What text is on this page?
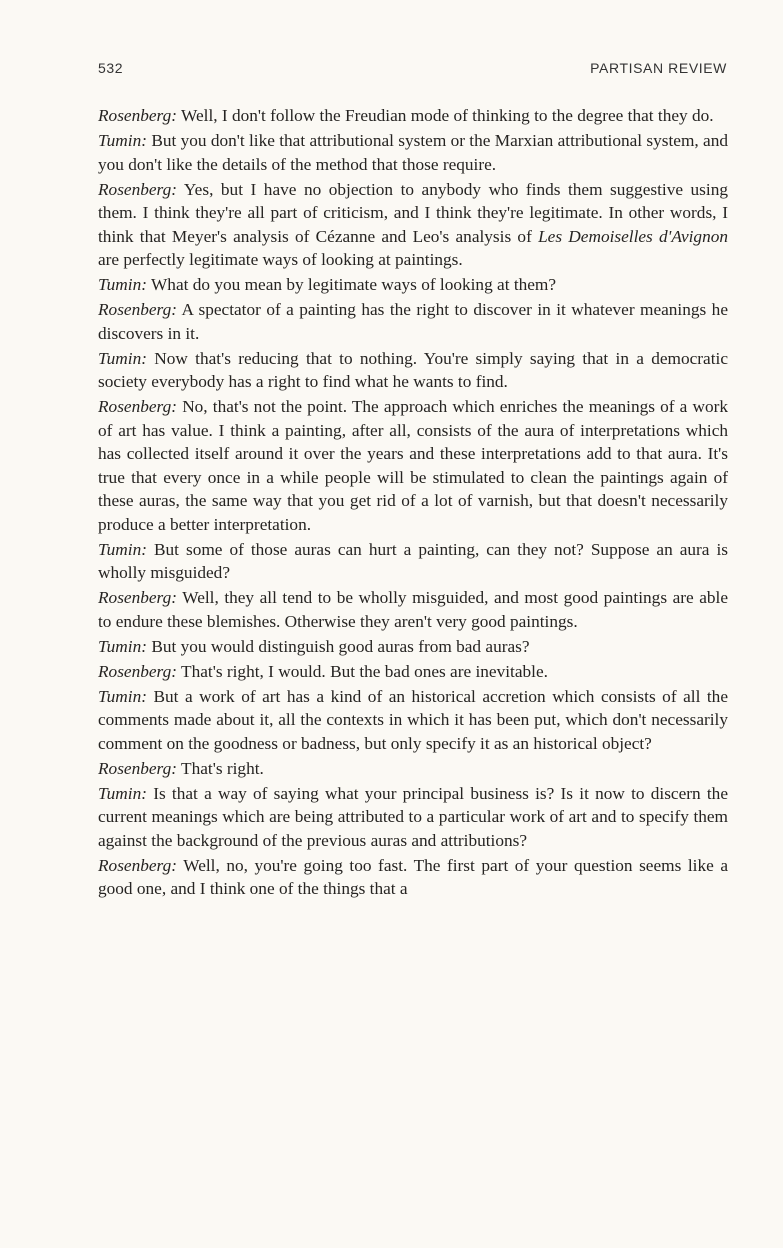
532	PARTISAN REVIEW

Rosenberg: Well, I don't follow the Freudian mode of thinking to the degree that they do.

Tumin: But you don't like that attributional system or the Marxian attributional system, and you don't like the details of the method that those require.

Rosenberg: Yes, but I have no objection to anybody who finds them suggestive using them. I think they're all part of criticism, and I think they're legitimate. In other words, I think that Meyer's analysis of Cézanne and Leo's analysis of Les Demoiselles d'Avignon are perfectly legitimate ways of looking at paintings.

Tumin: What do you mean by legitimate ways of looking at them?

Rosenberg: A spectator of a painting has the right to discover in it whatever meanings he discovers in it.

Tumin: Now that's reducing that to nothing. You're simply saying that in a democratic society everybody has a right to find what he wants to find.

Rosenberg: No, that's not the point. The approach which enriches the meanings of a work of art has value. I think a painting, after all, consists of the aura of interpretations which has collected itself around it over the years and these interpretations add to that aura. It's true that every once in a while people will be stimulated to clean the paintings again of these auras, the same way that you get rid of a lot of varnish, but that doesn't necessarily produce a better interpretation.

Tumin: But some of those auras can hurt a painting, can they not? Suppose an aura is wholly misguided?

Rosenberg: Well, they all tend to be wholly misguided, and most good paintings are able to endure these blemishes. Otherwise they aren't very good paintings.

Tumin: But you would distinguish good auras from bad auras?

Rosenberg: That's right, I would. But the bad ones are inevitable.

Tumin: But a work of art has a kind of an historical accretion which consists of all the comments made about it, all the contexts in which it has been put, which don't necessarily comment on the goodness or badness, but only specify it as an historical object?

Rosenberg: That's right.

Tumin: Is that a way of saying what your principal business is? Is it now to discern the current meanings which are being attributed to a particular work of art and to specify them against the background of the previous auras and attributions?

Rosenberg: Well, no, you're going too fast. The first part of your question seems like a good one, and I think one of the things that a
